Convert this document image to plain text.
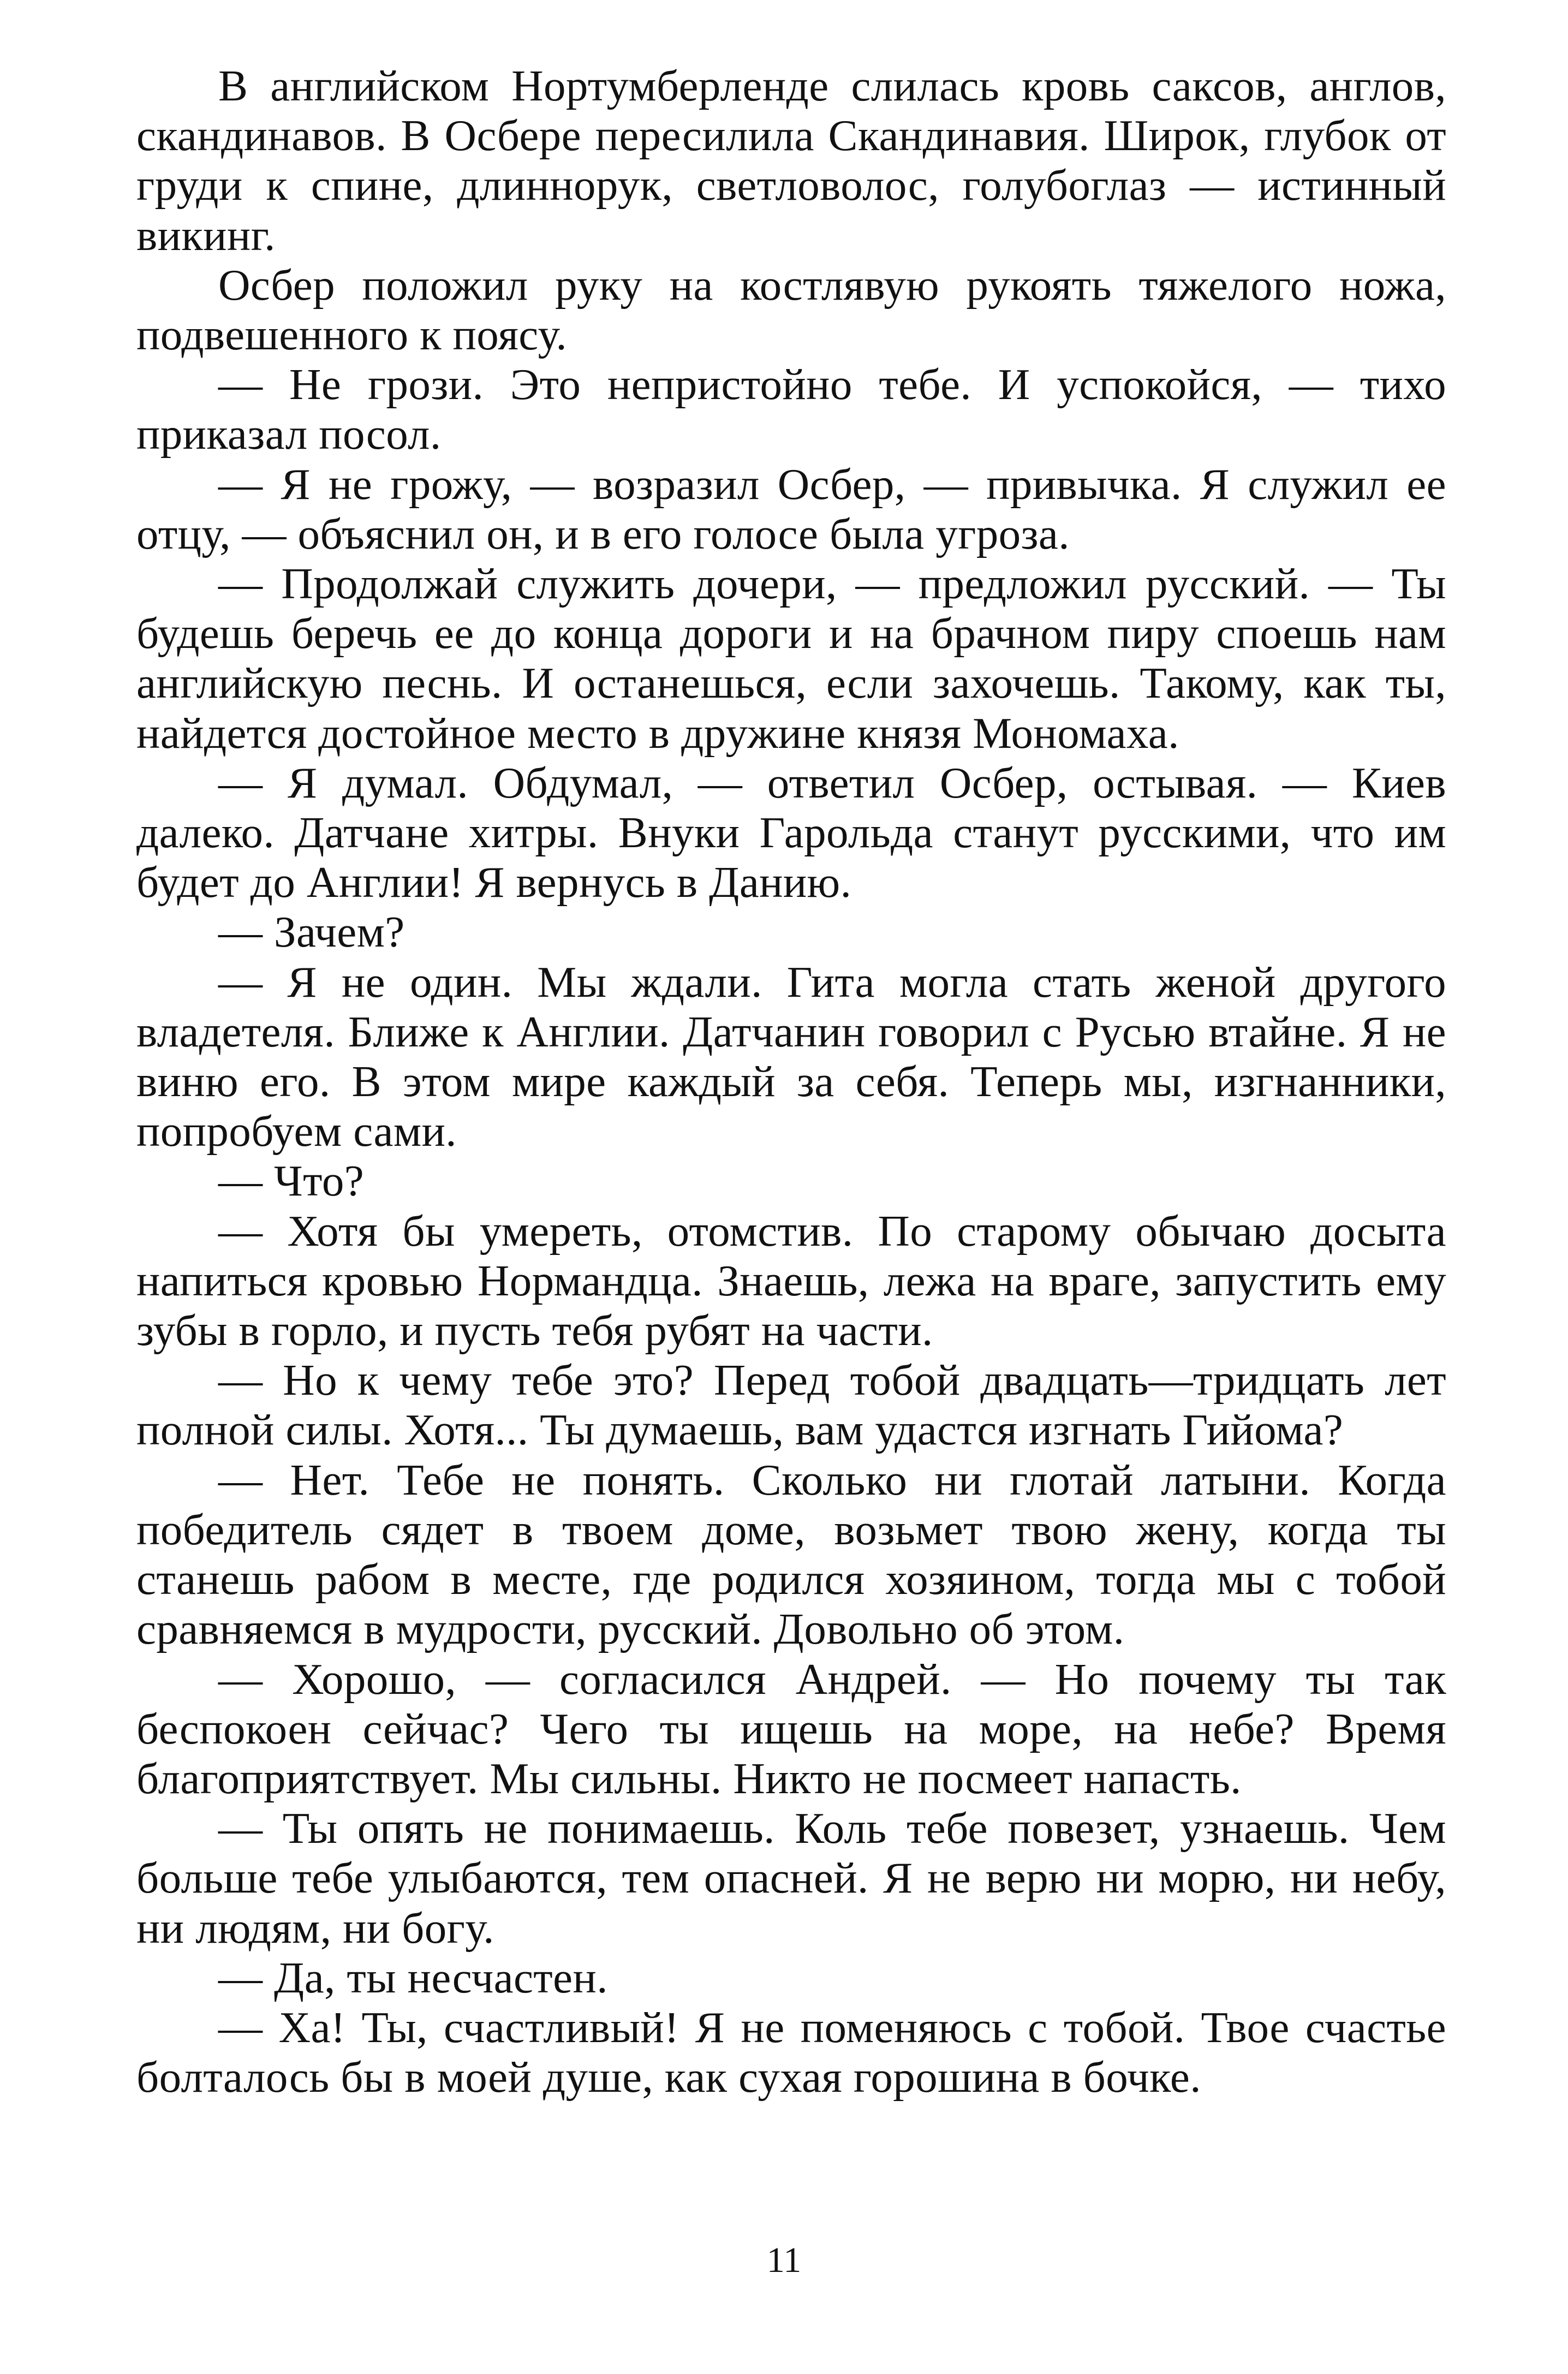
В английском Нортумберленде слилась кровь саксов, англов, скандинавов. В Осбере пересилила Скандинавия. Широк, глубок от груди к спине, длиннорук, светловолос, голубоглаз — истинный викинг.

Осбер положил руку на костлявую рукоять тяжелого ножа, подвешенного к поясу.

— Не грози. Это непристойно тебе. И успокойся, — тихо приказал посол.

— Я не грожу, — возразил Осбер, — привычка. Я служил ее отцу, — объяснил он, и в его голосе была угроза.

— Продолжай служить дочери, — предложил русский. — Ты будешь беречь ее до конца дороги и на брачном пиру споешь нам английскую песнь. И останешься, если захочешь. Такому, как ты, найдется достойное место в дружине князя Мономаха.

— Я думал. Обдумал, — ответил Осбер, остывая. — Киев далеко. Датчане хитры. Внуки Гарольда станут русскими, что им будет до Англии! Я вернусь в Данию.

— Зачем?

— Я не один. Мы ждали. Гита могла стать женой другого владетеля. Ближе к Англии. Датчанин говорил с Русью втайне. Я не виню его. В этом мире каждый за себя. Теперь мы, изгнанники, попробуем сами.

— Что?

— Хотя бы умереть, отомстив. По старому обычаю досыта напиться кровью Нормандца. Знаешь, лежа на враге, запустить ему зубы в горло, и пусть тебя рубят на части.

— Но к чему тебе это? Перед тобой двадцать—тридцать лет полной силы. Хотя... Ты думаешь, вам удастся изгнать Гийома?

— Нет. Тебе не понять. Сколько ни глотай латыни. Когда победитель сядет в твоем доме, возьмет твою жену, когда ты станешь рабом в месте, где родился хозяином, тогда мы с тобой сравняемся в мудрости, русский. Довольно об этом.

— Хорошо, — согласился Андрей. — Но почему ты так беспокоен сейчас? Чего ты ищешь на море, на небе? Время благоприятствует. Мы сильны. Никто не посмеет напасть.

— Ты опять не понимаешь. Коль тебе повезет, узнаешь. Чем больше тебе улыбаются, тем опасней. Я не верю ни морю, ни небу, ни людям, ни богу.

— Да, ты несчастен.

— Ха! Ты, счастливый! Я не поменяюсь с тобой. Твое счастье болталось бы в моей душе, как сухая горошина в бочке.

11
